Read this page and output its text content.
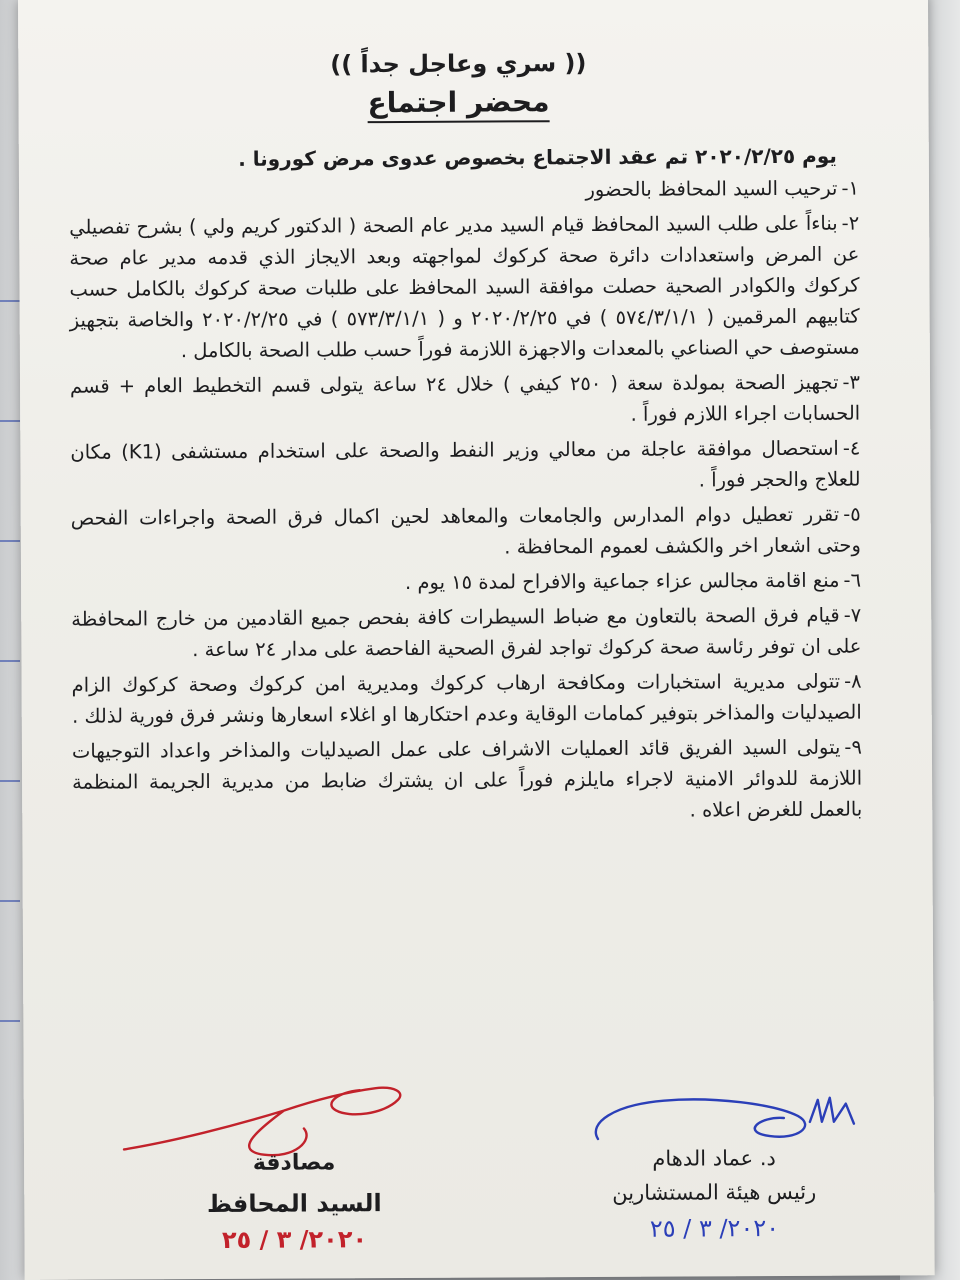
(( سري وعاجل جداً ))
محضر اجتماع
يوم ٢٠٢٠/٢/٢٥ تم عقد الاجتماع بخصوص عدوى مرض كورونا .

١-ترحيب السيد المحافظ بالحضور

٢-بناءاً على طلب السيد المحافظ قيام السيد مدير عام الصحة ( الدكتور كريم ولي ) بشرح تفصيلي عن المرض واستعدادات دائرة صحة كركوك لمواجهته وبعد الايجاز الذي قدمه مدير عام صحة كركوك والكوادر الصحية حصلت موافقة السيد المحافظ على طلبات صحة كركوك بالكامل حسب كتابيهم المرقمين ( ٥٧٤/٣/١/١ ) في ٢٠٢٠/٢/٢٥ و ( ٥٧٣/٣/١/١ ) في ٢٠٢٠/٢/٢٥ والخاصة بتجهيز مستوصف حي الصناعي بالمعدات والاجهزة اللازمة فوراً حسب طلب الصحة بالكامل .

٣-تجهيز الصحة بمولدة سعة ( ٢٥٠ كيفي ) خلال ٢٤ ساعة يتولى قسم التخطيط العام + قسم الحسابات اجراء اللازم فوراً .

٤-استحصال موافقة عاجلة من معالي وزير النفط والصحة على استخدام مستشفى (K1) مكان للعلاج والحجر فوراً .

٥-تقرر تعطيل دوام المدارس والجامعات والمعاهد لحين اكمال فرق الصحة واجراءات الفحص وحتى اشعار اخر والكشف لعموم المحافظة .

٦-منع اقامة مجالس عزاء جماعية والافراح لمدة ١٥ يوم .

٧-قيام فرق الصحة بالتعاون مع ضباط السيطرات كافة بفحص جميع القادمين من خارج المحافظة على ان توفر رئاسة صحة كركوك تواجد لفرق الصحية الفاحصة على مدار ٢٤ ساعة .

٨-تتولى مديرية استخبارات ومكافحة ارهاب كركوك ومديرية امن كركوك وصحة كركوك الزام الصيدليات والمذاخر بتوفير كمامات الوقاية وعدم احتكارها او اغلاء اسعارها ونشر فرق فورية لذلك .

٩-يتولى السيد الفريق قائد العمليات الاشراف على عمل الصيدليات والمذاخر واعداد التوجيهات اللازمة للدوائر الامنية لاجراء مايلزم فوراً على ان يشترك ضابط من مديرية الجريمة المنظمة بالعمل للغرض اعلاه .

مصادقة
السيد المحافظ
٢٠٢٠/ ٣ / ٢٥
د. عماد الدهام
رئيس هيئة المستشارين
٢٠٢٠/ ٣ / ٢٥
